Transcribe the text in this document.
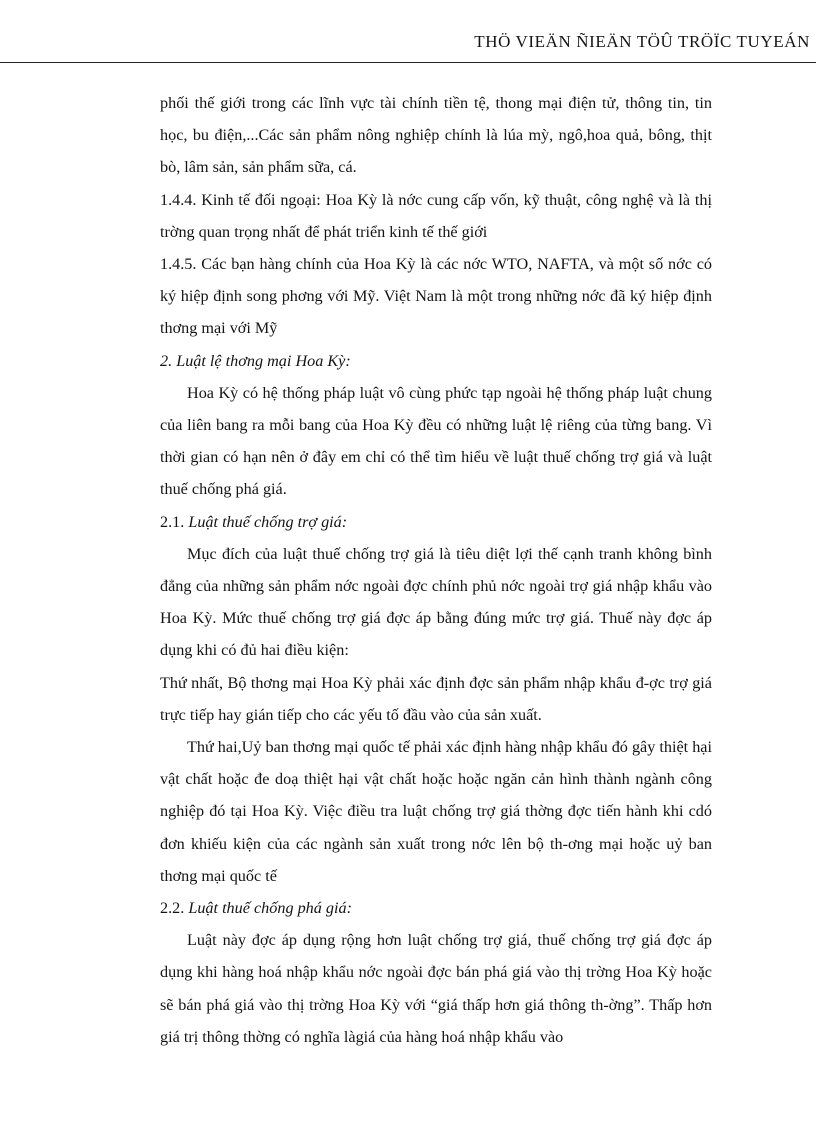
THÖ VIEÄN ÑIEÄN TÖÛ TRÖÏC TUYEÁN

phối thế giới trong các lĩnh vực tài chính tiền tệ, thong mại điện tử, thông tin, tin học, bu điện,...Các sản phẩm nông nghiệp chính là lúa mỳ, ngô,hoa quả, bông, thịt bò, lâm sản, sản phẩm sữa, cá.

1.4.4. Kinh tế đối ngoại: Hoa Kỳ là nớc cung cấp vốn, kỹ thuật, công nghệ và là thị trờng quan trọng nhất để phát triển kinh tế thế giới

1.4.5. Các bạn hàng chính của Hoa Kỳ là các nớc WTO, NAFTA, và một số nớc có ký hiệp định song phơng với Mỹ. Việt Nam là một trong những nớc đã ký hiệp định thơng mại với Mỹ

2. Luật lệ thơng mại Hoa Kỳ:

Hoa Kỳ có hệ thống pháp luật vô cùng phức tạp ngoài hệ thống pháp luật chung của liên bang ra mỗi bang của Hoa Kỳ đều có những luật lệ riêng của từng bang. Vì thời gian có hạn nên ở đây em chỉ có thể tìm hiểu về luật thuế chống trợ giá và luật thuế chống phá giá.

2.1. Luật thuế chống trợ giá:

Mục đích của luật thuế chống trợ giá là tiêu diệt lợi thế cạnh tranh không bình đẳng của những sản phẩm nớc ngoài đợc chính phủ nớc ngoài trợ giá nhập khẩu vào Hoa Kỳ. Mức thuế chống trợ giá đợc áp bằng đúng mức trợ giá. Thuế này đợc áp dụng khi có đủ hai điều kiện:

Thứ nhất, Bộ thơng mại Hoa Kỳ phải xác định đợc sản phẩm nhập khẩu đ-ợc trợ giá trực tiếp hay gián tiếp cho các yếu tố đầu vào của sản xuất.

Thứ hai,Uỷ ban thơng mại quốc tế phải xác định hàng nhập khẩu đó gây thiệt hại vật chất hoặc đe doạ thiệt hại vật chất hoặc hoặc ngăn cản hình thành ngành công nghiệp đó tại Hoa Kỳ. Việc điều tra luật chống trợ giá thờng đợc tiến hành khi cdó đơn khiếu kiện của các ngành sản xuất trong nớc lên bộ th-ơng mại hoặc uỷ ban thơng mại quốc tế

2.2. Luật thuế chống phá giá:

Luật này đợc áp dụng rộng hơn luật chống trợ giá, thuế chống trợ giá đợc áp dụng khi hàng hoá nhập khẩu nớc ngoài đợc bán phá giá vào thị trờng Hoa Kỳ hoặc sẽ bán phá giá vào thị trờng Hoa Kỳ với “giá thấp hơn giá thông th-ờng”. Thấp hơn giá trị thông thờng có nghĩa làgiá của hàng hoá nhập khẩu vào
